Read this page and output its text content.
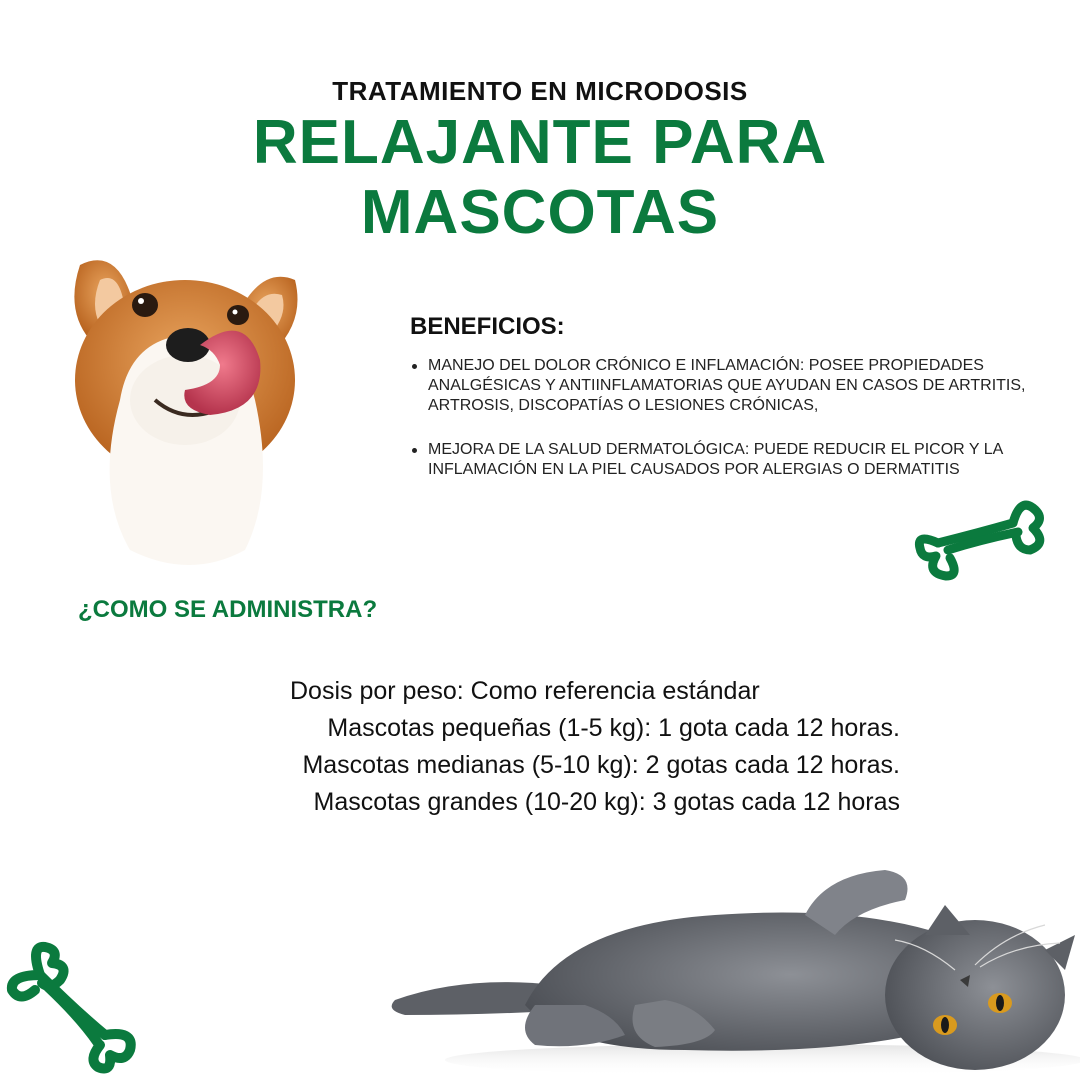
TRATAMIENTO EN MICRODOSIS
RELAJANTE PARA
MASCOTAS
BENEFICIOS:
MANEJO DEL DOLOR CRÓNICO E INFLAMACIÓN: POSEE PROPIEDADES ANALGÉSICAS Y ANTIINFLAMATORIAS QUE AYUDAN EN CASOS DE ARTRITIS, ARTROSIS, DISCOPATÍAS O LESIONES CRÓNICAS,
MEJORA DE LA SALUD DERMATOLÓGICA: PUEDE REDUCIR EL PICOR Y LA INFLAMACIÓN EN LA PIEL CAUSADOS POR ALERGIAS O DERMATITIS
¿COMO SE ADMINISTRA?
Dosis por peso: Como referencia estándar
Mascotas pequeñas (1-5 kg): 1 gota cada 12 horas.
Mascotas medianas (5-10 kg): 2 gotas cada 12 horas.
Mascotas grandes (10-20 kg): 3 gotas cada 12 horas
